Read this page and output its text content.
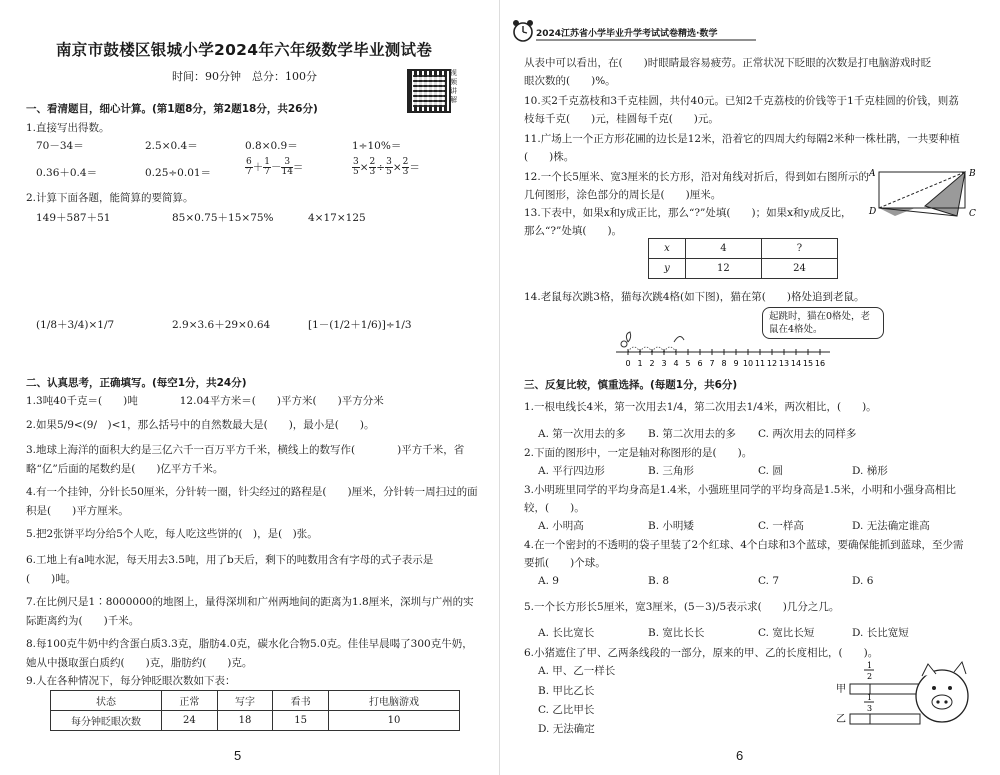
南京市鼓楼区银城小学2024年六年级数学毕业测试卷
时间：90分钟　总分：100分	视频讲解
一、看清题目，细心计算。(第1题8分，第2题18分，共26分)
1.直接写出得数。
70－34＝	2.5×0.4＝	0.8×0.9＝	1÷10%＝
0.36＋0.4＝	0.25÷0.01＝	$\frac{6}{7} + \frac{1}{7} - \frac{3}{14}$ ＝	$\frac{3}{5} \times \frac{2}{3} \div \frac{3}{5} \times \frac{2}{3}$ ＝
2.计算下面各题，能简算的要简算。
149＋587＋51	85×0.75＋15×75%	4×17×125
(1/8＋3/4)×1/7	2.9×3.6＋29×0.64	[1－(1/2＋1/6)]÷1/3
二、认真思考，正确填写。(每空1分，共24分)
1.3吨40千克＝(　　)吨　　　　12.04平方米＝(　　)平方米(　　)平方分米
2.如果5/9<(9/　)<1，那么括号中的自然数最大是(　　)，最小是(　　)。
3.地球上海洋的面积大约是三亿六千一百万平方千米，横线上的数写作(　　　　)平方千米，省
略“亿”后面的尾数约是(　　)亿平方千米。
4.有一个挂钟，分针长50厘米，分针转一圈，针尖经过的路程是(　　)厘米，分针转一周扫过的面
积是(　　)平方厘米。
5.把2张饼平均分给5个人吃，每人吃这些饼的(　)，是(　)张。
6.工地上有a吨水泥，每天用去3.5吨，用了b天后，剩下的吨数用含有字母的式子表示是
(　　)吨。
7.在比例尺是1∶8000000的地图上，量得深圳和广州两地间的距离为1.8厘米，深圳与广州的实
际距离约为(　　)千米。
8.每100克牛奶中约含蛋白质3.3克，脂肪4.0克，碳水化合物5.0克。佳佳早晨喝了300克牛奶，
她从中摄取蛋白质约(　　)克，脂肪约(　　)克。
9.人在各种情况下，每分钟眨眼次数如下表：
状态	正常	写字	看书	打电脑游戏
每分钟眨眼次数	24	18	15	10
5
2024江苏省小学毕业升学考试试卷精选·数学
从表中可以看出，在(　　)时眼睛最容易疲劳。正常状况下眨眼的次数是打电脑游戏时眨
眼次数的(　　)%。
10.买2千克荔枝和3千克桂圆，共付40元。已知2千克荔枝的价钱等于1千克桂圆的价钱，则荔
枝每千克(　　)元，桂圆每千克(　　)元。
11.广场上一个正方形花圃的边长是12米，沿着它的四周大约每隔2米种一株杜鹃，一共要种植
(　　)株。
12.一个长5厘米、宽3厘米的长方形，沿对角线对折后，得到如右图所示的
几何图形，涂色部分的周长是(　　)厘米。
13.下表中，如果x和y成正比，那么“?”处填(　　)；如果x和y成反比，
那么“?”处填(　　)。
A	B
C
D
x	4	?
y	12	24
14.老鼠每次跳3格，猫每次跳4格(如下图)，猫在第(　　)格处追到老鼠。
起跳时，猫在0格处，老鼠在4格处。
0 1 2 3 4 5 6 7 8 9 10 11 12 13 14 15 16
三、反复比较，慎重选择。(每题1分，共6分)
1.一根电线长4米，第一次用去1/4，第二次用去1/4米，两次相比，(　　)。
A. 第一次用去的多 B. 第二次用去的多 C. 两次用去的同样多
2.下面的图形中，一定是轴对称图形的是(　　)。
A. 平行四边形	B. 三角形	C. 圆	D. 梯形
3.小明班里同学的平均身高是1.4米，小强班里同学的平均身高是1.5米，小明和小强身高相比
较，(　　)。
A. 小明高	B. 小明矮	C. 一样高	D. 无法确定谁高
4.在一个密封的不透明的袋子里装了2个红球、4个白球和3个蓝球，要确保能抓到蓝球，至少需
要抓(　　)个球。
A. 9	B. 8	C. 7	D. 6
5.一个长方形长5厘米，宽3厘米，(5－3)/5表示求(　　)几分之几。
A. 长比宽长	B. 宽比长长	C. 宽比长短	D. 长比宽短
6.小猪遮住了甲、乙两条线段的一部分，原来的甲、乙的长度相比，(　　)。
A. 甲、乙一样长
B. 甲比乙长
C. 乙比甲长
D. 无法确定
甲
乙
1
2
1
3
6
